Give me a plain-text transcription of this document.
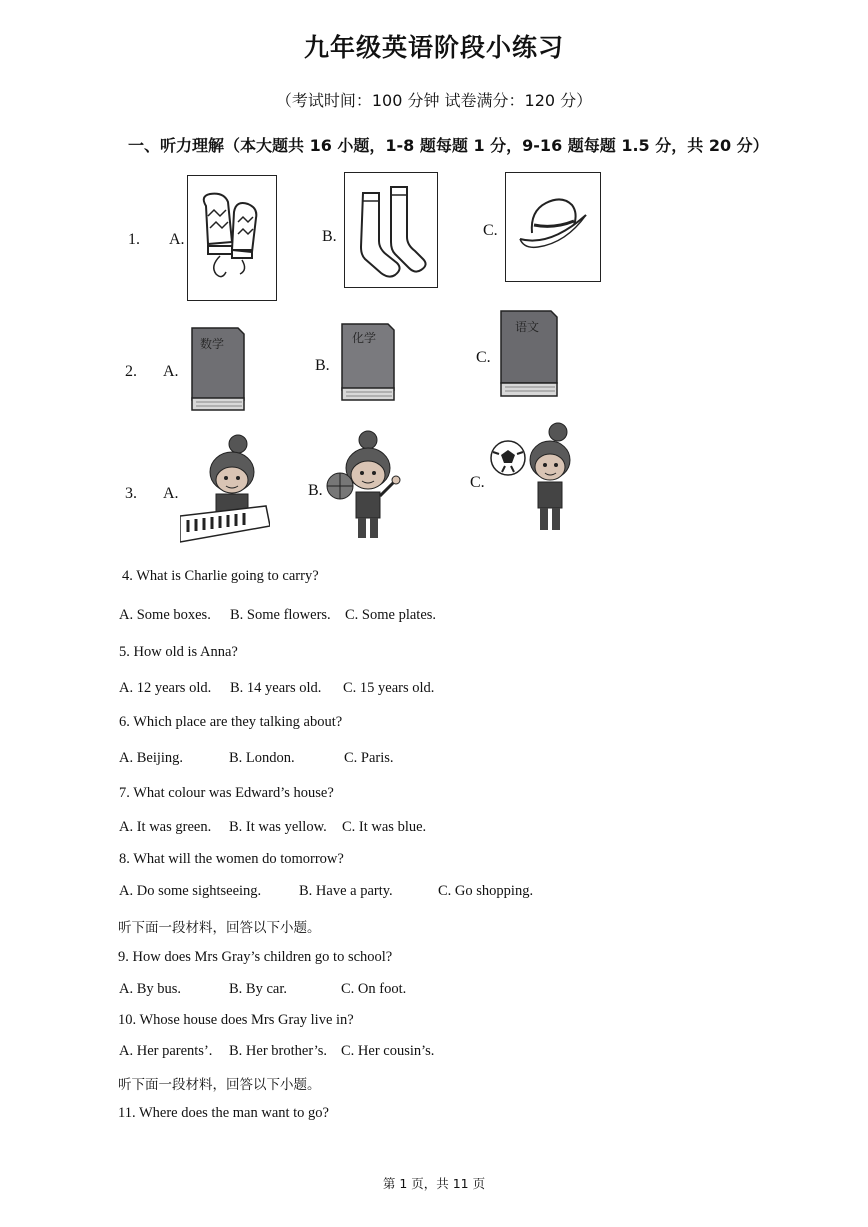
九年级英语阶段小练习
（考试时间：100 分钟 试卷满分：120 分）
一、听力理解（本大题共 16 小题，1-8 题每题 1 分，9-16 题每题 1.5 分，共 20 分）
1. A.	B.	C.
2. A.
数学
B.
化学
C.
语文
3. A.	B.	C.
4. What is Charlie going to carry?
A. Some boxes. B. Some flowers. C. Some plates.
5. How old is Anna?
A. 12 years old. B. 14 years old. C. 15 years old.
6. Which place are they talking about?
A. Beijing.	B. London.	C. Paris.
7. What colour was Edward’s house?
A. It was green. B. It was yellow. C. It was blue.
8. What will the women do tomorrow?
A. Do some sightseeing.	B. Have a party.	C. Go shopping.
听下面一段材料，回答以下小题。
9. How does Mrs Gray’s children go to school?
A. By bus.	B. By car.	C. On foot.
10. Whose house does Mrs Gray live in?
A. Her parents’. B. Her brother’s. C. Her cousin’s.
听下面一段材料，回答以下小题。
11. Where does the man want to go?
第 1 页，共 11 页
